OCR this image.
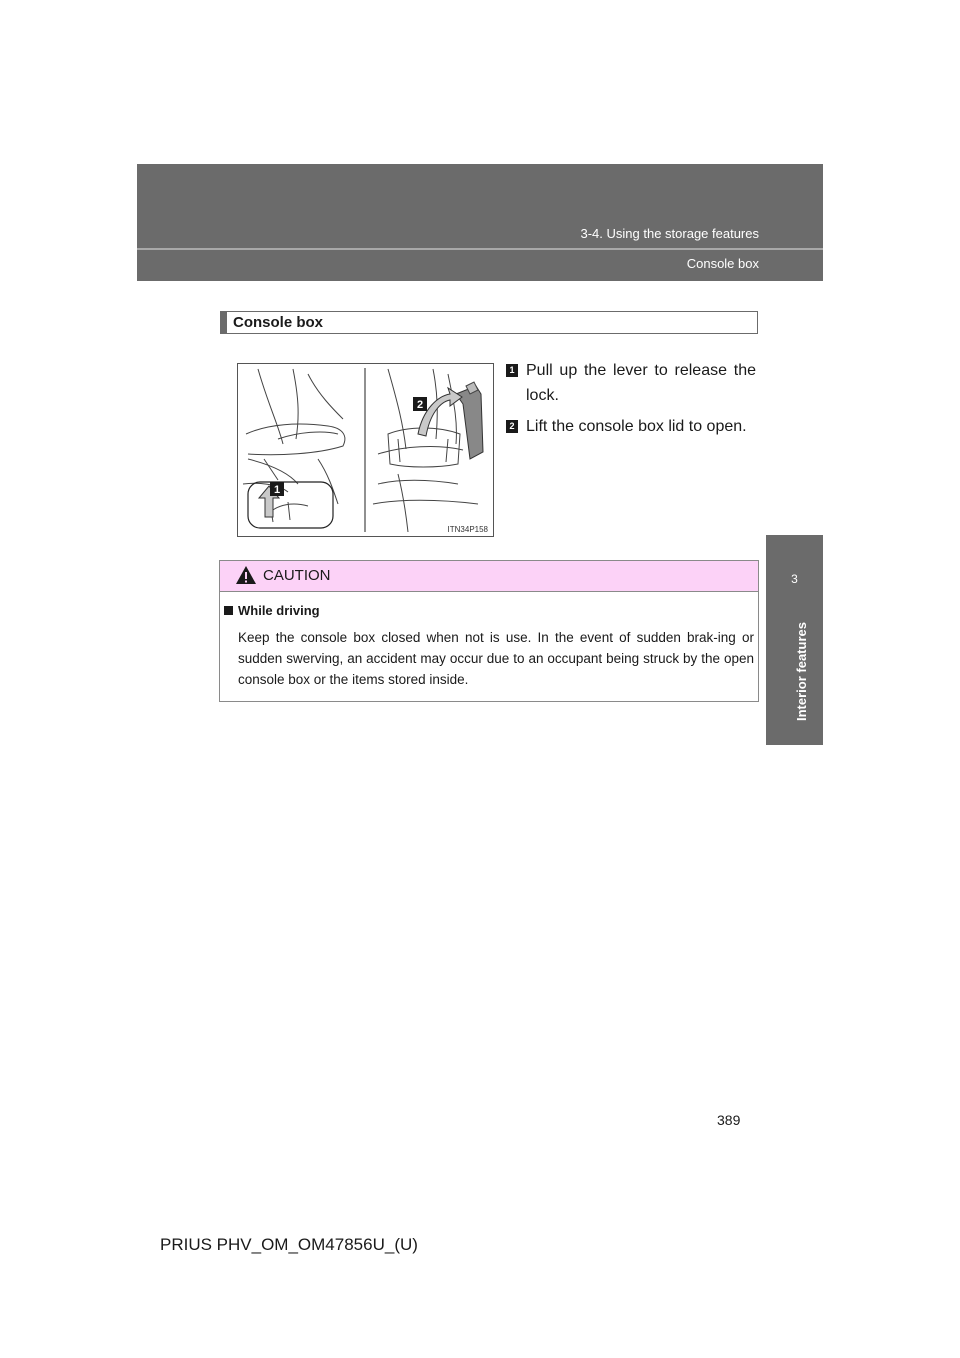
3-4. Using the storage features
Console box
3
Interior features
Console box
1
2
ITN34P158
1 Pull up the lever to release the lock.
2 Lift the console box lid to open.
CAUTION
While driving
Keep the console box closed when not is use. In the event of sudden brak-ing or sudden swerving, an accident may occur due to an occupant being struck by the open console box or the items stored inside.
389
PRIUS PHV_OM_OM47856U_(U)
